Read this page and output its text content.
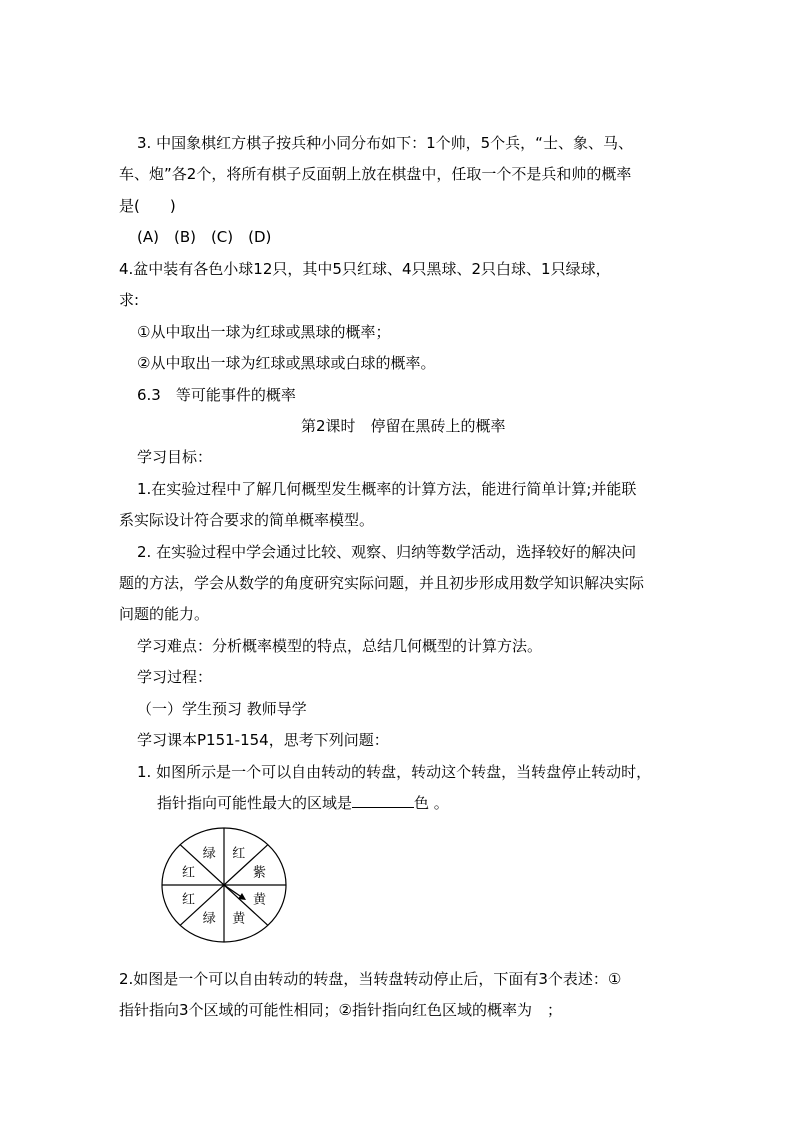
3. 中国象棋红方棋子按兵种小同分布如下：1个帅，5个兵，“士、象、马、
车、炮”各2个，将所有棋子反面朝上放在棋盘中，任取一个不是兵和帅的概率
是(　　)
(A)　(B)　(C)　(D)
4.盆中装有各色小球12只，其中5只红球、4只黑球、2只白球、1只绿球，
求:
①从中取出一球为红球或黑球的概率；
②从中取出一球为红球或黑球或白球的概率。
6.3　等可能事件的概率
第2课时　停留在黑砖上的概率
学习目标：
1.在实验过程中了解几何概型发生概率的计算方法，能进行简单计算;并能联
系实际设计符合要求的简单概率模型。
2. 在实验过程中学会通过比较、观察、归纳等数学活动，选择较好的解决问
题的方法，学会从数学的角度研究实际问题，并且初步形成用数学知识解决实际
问题的能力。
学习难点：分析概率模型的特点，总结几何概型的计算方法。
学习过程：
（一）学生预习 教师导学
学习课本P151-154，思考下列问题：
1. 如图所示是一个可以自由转动的转盘，转动这个转盘，当转盘停止转动时，
指针指向可能性最大的区域是	色 。
红
紫
黄
黄
绿
红
红
绿
2.如图是一个可以自由转动的转盘，当转盘转动停止后，下面有3个表述：①
指针指向3个区域的可能性相同；②指针指向红色区域的概率为　；
